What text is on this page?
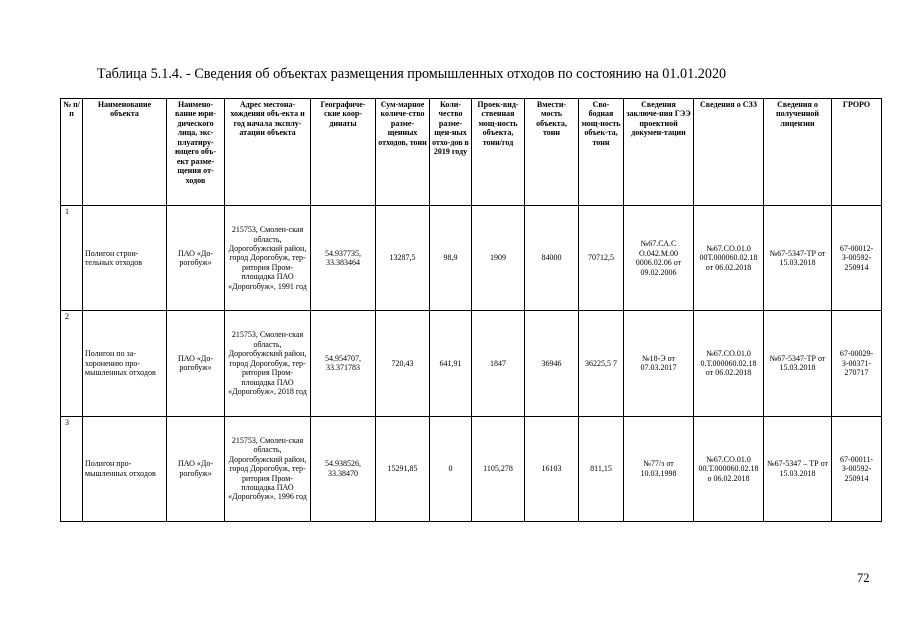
Таблица 5.1.4. - Сведения об объектах размещения промышленных отходов по состоянию на 01.01.2020
№ п/п	Наименование объекта	Наимено-вание юри-дического лица, экс-плуатиру-ющего объ-ект разме-щения от-ходов	Адрес местона-хождения объ-екта и год начала эксплу-атации объекта	Географиче-ские коор-динаты	Сум-марное количе-ство разме-щенных отходов, тонн	Коли-чество разме-щен-ных отхо-дов в 2019 году	Проек-вид-ственная мощ-ность объекта, тонн/год	Вмести-мость объекта, тонн	Сво-бодная мощ-ность объек-та, тонн	Сведения заключе-ния ГЭЭ проектной докумен-тации	Сведения о СЗЗ	Сведения о полученной лицензии	ГРОРО
1	Полигон строи-тельных отходов	ПАО «До-рогобуж»	215753, Смолен-ская область, Дорогобужский район, город Дорогобуж, тер-ритория Пром-площадка ПАО «Дорогобуж», 1991 год	54.937735, 33.383464	13287,5	98,9	1909	84000	70712,5	№67.СА.С О.042.М.00 0006.02.06 от 09.02.2006	№67.СО.01.0 00Т.000060.02.18 от 06.02.2018	№67-5347-ТР от 15.03.2018	67-00012-З-00592-250914
2	Полигон по за-хоронению про-мышленных отходов	ПАО «До-рогобуж»	215753, Смолен-ская область, Дорогобужский район, город Дорогобуж, тер-ритория Пром-площадка ПАО «Дорогобуж», 2018 год	54.954707, 33.371783	720,43	641,91	1847	36946	36225,5 7	№18-Э от 07.03.2017	№67.СО.01.0 0.Т.000060.02.18 от 06.02.2018	№67-5347-ТР от 15.03.2018	67-00029-З-00371-270717
3	Полигон про-мышленных отходов	ПАО «До-рогобуж»	215753, Смолен-ская область, Дорогобужский район, город Дорогобуж, тер-ритория Пром-площадка ПАО «Дорогобуж», 1996 год	54.938526, 33.38470	15291,85	0	1105,278	16103	811,15	№77/з от 10.03.1998	№67.СО.01.0 00.Т.000060.02.18 о 06.02.2018	№67-5347 – ТР от 15.03.2018	67-00011-З-00592-250914
72
